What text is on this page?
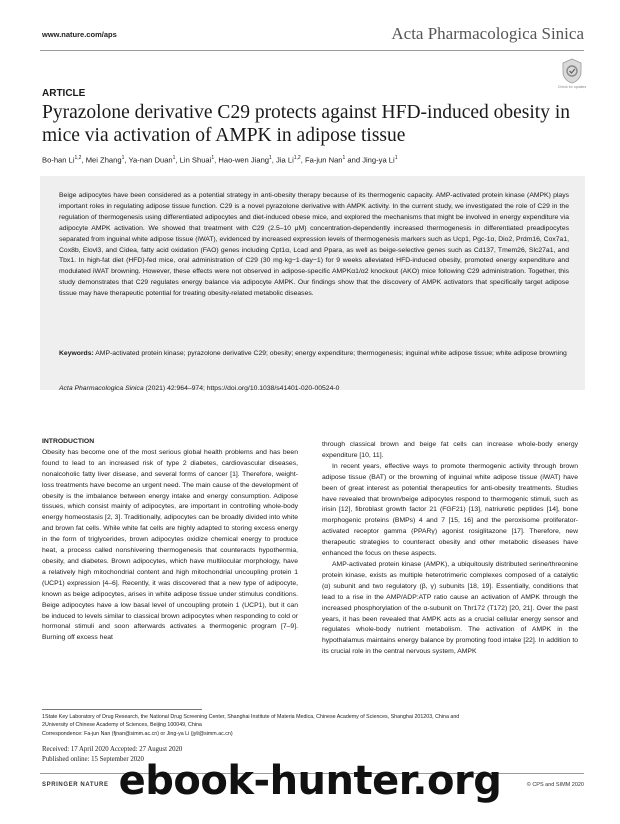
www.nature.com/aps	Acta Pharmacologica Sinica
Check for updates
ARTICLE
Pyrazolone derivative C29 protects against HFD-induced obesity in mice via activation of AMPK in adipose tissue
Bo-han Li$^{1,2}$, Mei Zhang$^1$, Ya-nan Duan$^1$, Lin Shuai$^1$, Hao-wen Jiang$^1$, Jia Li$^{1,2}$, Fa-jun Nan$^1$ and Jing-ya Li$^1$
Beige adipocytes have been considered as a potential strategy in anti-obesity therapy because of its thermogenic capacity. AMP-activated protein kinase (AMPK) plays important roles in regulating adipose tissue function. C29 is a novel pyrazolone derivative with AMPK activity. In the current study, we investigated the role of C29 in the regulation of thermogenesis using differentiated adipocytes and diet-induced obese mice, and explored the mechanisms that might be involved in energy expenditure via adipocyte AMPK activation. We showed that treatment with C29 (2.5–10 μM) concentration-dependently increased thermogenesis in differentiated preadipocytes separated from inguinal white adipose tissue (iWAT), evidenced by increased expression levels of thermogenesis markers such as Ucp1, Pgc-1α, Dio2, Prdm16, Cox7a1, Cox8b, Elovl3, and Cidea, fatty acid oxidation (FAO) genes including Cpt1α, Lcad and Ppara, as well as beige-selective genes such as Cd137, Tmem26, Slc27a1, and Tbx1. In high-fat diet (HFD)-fed mice, oral administration of C29 (30 mg·kg−1·day−1) for 9 weeks alleviated HFD-induced obesity, promoted energy expenditure and modulated iWAT browning. However, these effects were not observed in adipose-specific AMPKα1/α2 knockout (AKO) mice following C29 administration. Together, this study demonstrates that C29 regulates energy balance via adipocyte AMPK. Our findings show that the discovery of AMPK activators that specifically target adipose tissue may have therapeutic potential for treating obesity-related metabolic diseases.
Keywords: AMP-activated protein kinase; pyrazolone derivative C29; obesity; energy expenditure; thermogenesis; inguinal white adipose tissue; white adipose browning
Acta Pharmacologica Sinica (2021) 42:964–974; https://doi.org/10.1038/s41401-020-00524-0
INTRODUCTION

Obesity has become one of the most serious global health problems and has been found to lead to an increased risk of type 2 diabetes, cardiovascular diseases, nonalcoholic fatty liver disease, and several forms of cancer [1]. Therefore, weight-loss treatments have become an urgent need. The main cause of the development of obesity is the imbalance between energy intake and energy consumption. Adipose tissues, which consist mainly of adipocytes, are important in controlling whole-body energy homeostasis [2, 3]. Traditionally, adipocytes can be broadly divided into white and brown fat cells. While white fat cells are highly adapted to storing excess energy in the form of triglycerides, brown adipocytes oxidize chemical energy to produce heat, a process called nonshivering thermogenesis that counteracts hypothermia, obesity, and diabetes. Brown adipocytes, which have multilocular morphology, have a relatively high mitochondrial content and high mitochondrial uncoupling protein 1 (UCP1) expression [4–6]. Recently, it was discovered that a new type of adipocyte, known as beige adipocytes, arises in white adipose tissue under stimulus conditions. Beige adipocytes have a low basal level of uncoupling protein 1 (UCP1), but it can be induced to levels similar to classical brown adipocytes when responding to cold or hormonal stimuli and soon afterwards activates a thermogenic program [7–9]. Burning off excess heat

through classical brown and beige fat cells can increase whole-body energy expenditure [10, 11].

In recent years, effective ways to promote thermogenic activity through brown adipose tissue (BAT) or the browning of inguinal white adipose tissue (iWAT) have been of great interest as potential therapeutics for anti-obesity treatments. Studies have revealed that brown/beige adipocytes respond to thermogenic stimuli, such as irisin [12], fibroblast growth factor 21 (FGF21) [13], natriuretic peptides [14], bone morphogenic proteins (BMPs) 4 and 7 [15, 16] and the peroxisome proliferator-activated receptor gamma (PPARγ) agonist rosiglitazone [17]. Therefore, new therapeutic strategies to counteract obesity and other metabolic diseases have enhanced the focus on these aspects.

AMP-activated protein kinase (AMPK), a ubiquitously distributed serine/threonine protein kinase, exists as multiple heterotrimeric complexes composed of a catalytic (α) subunit and two regulatory (β, γ) subunits [18, 19]. Essentially, conditions that lead to a rise in the AMP/ADP:ATP ratio cause an activation of AMPK through the increased phosphorylation of the α-subunit on Thr172 (T172) [20, 21]. Over the past years, it has been revealed that AMPK acts as a crucial cellular energy sensor and regulates whole-body nutrient metabolism. The activation of AMPK in the hypothalamus maintains energy balance by promoting food intake [22]. In addition to its crucial role in the central nervous system, AMPK

1State Key Laboratory of Drug Research, the National Drug Screening Center, Shanghai Institute of Materia Medica, Chinese Academy of Sciences, Shanghai 201203, China and
2University of Chinese Academy of Sciences, Beijing 100049, China
Correspondence: Fa-jun Nan (fjnan@simm.ac.cn) or Jing-ya Li (jyli@simm.ac.cn)
Received: 17 April 2020 Accepted: 27 August 2020
Published online: 15 September 2020
SPRINGER NATURE	© CPS and SIMM 2020
ebook-hunter.org
